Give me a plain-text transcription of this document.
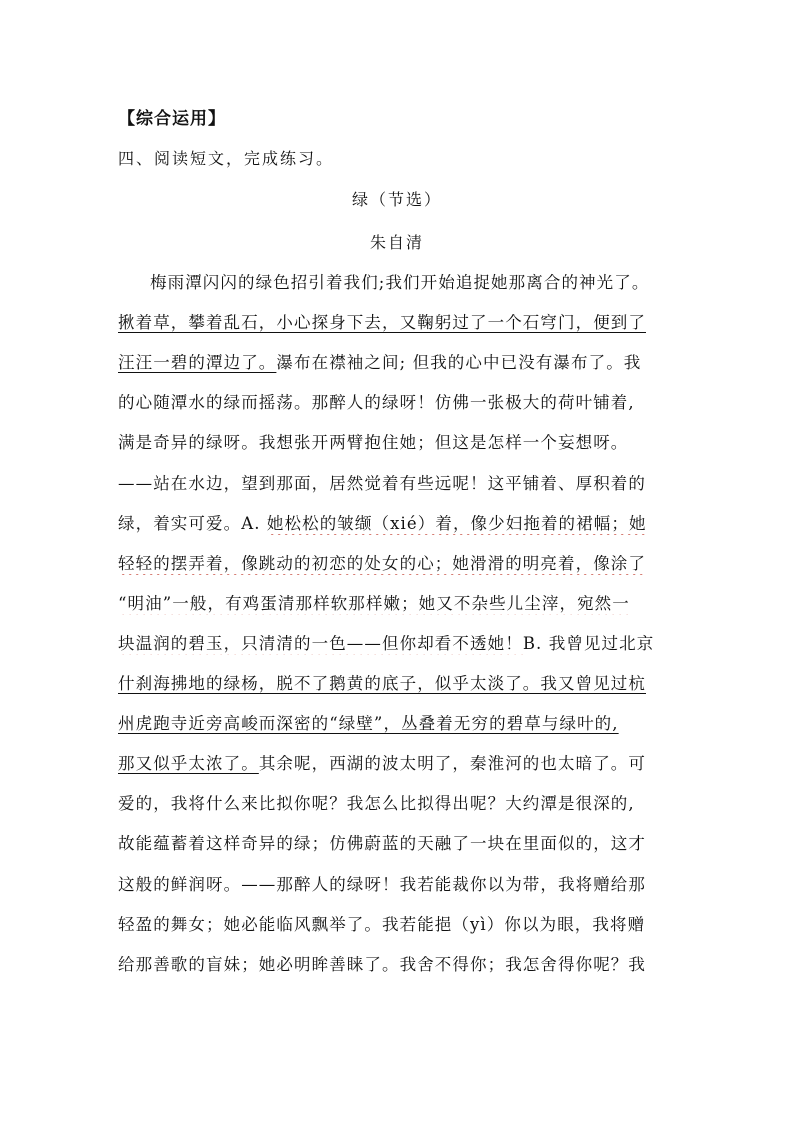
【综合运用】
四、阅读短文，完成练习。
绿（节选）
朱自清
梅雨潭闪闪的绿色招引着我们;我们开始追捉她那离合的神光了。
揪着草，攀着乱石，小心探身下去，又鞠躬过了一个石穹门，便到了
汪汪一碧的潭边了。瀑布在襟袖之间; 但我的心中已没有瀑布了。我
的心随潭水的绿而摇荡。那醉人的绿呀！仿佛一张极大的荷叶铺着,
满是奇异的绿呀。我想张开两臂抱住她；但这是怎样一个妄想呀。
——站在水边，望到那面，居然觉着有些远呢！这平铺着、厚积着的
绿，着实可爱。A. 她松松的皱缬（xié）着，像少妇拖着的裙幅；她
轻轻的摆弄着，像跳动的初恋的处女的心；她滑滑的明亮着，像涂了
“明油”一般，有鸡蛋清那样软那样嫩；她又不杂些儿尘滓，宛然一
块温润的碧玉，只清清的一色——但你却看不透她！B. 我曾见过北京
什刹海拂地的绿杨，脱不了鹅黄的底子，似乎太淡了。我又曾见过杭
州虎跑寺近旁高峻而深密的“绿壁”，丛叠着无穷的碧草与绿叶的,
那又似乎太浓了。其余呢，西湖的波太明了，秦淮河的也太暗了。可
爱的，我将什么来比拟你呢？我怎么比拟得出呢？大约潭是很深的,
故能蕴蓄着这样奇异的绿；仿佛蔚蓝的天融了一块在里面似的，这才
这般的鲜润呀。——那醉人的绿呀！我若能裁你以为带，我将赠给那
轻盈的舞女；她必能临风飘举了。我若能挹（yì）你以为眼，我将赠
给那善歌的盲妹；她必明眸善睐了。我舍不得你；我怎舍得你呢？我
